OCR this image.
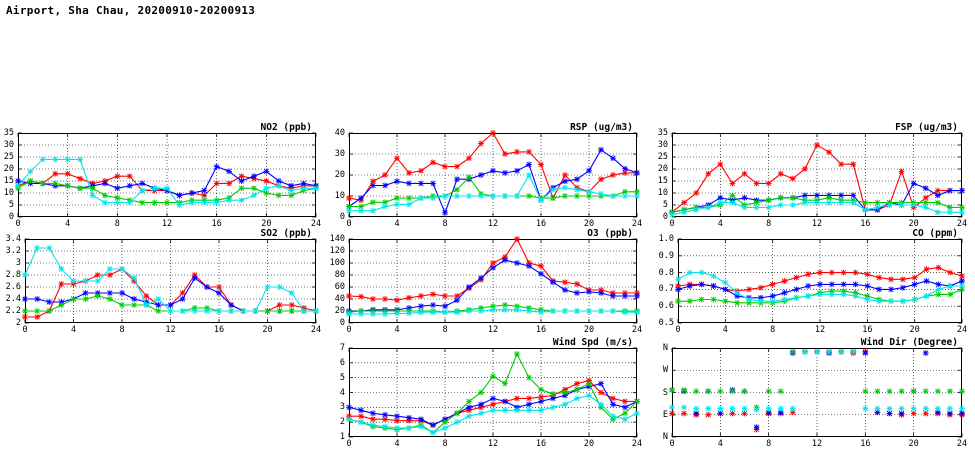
Airport, Sha Chau, 20200910-20200913
NO2 (ppb)
0
5
10
15
20
25
30
35
0	4	8	12	16	20	24
RSP (ug/m3)
0
10
20
30
40
0	4	8	12	16	20	24
FSP (ug/m3)
0
5
10
15
20
25
30
35
0	4	8	12	16	20	24
SO2 (ppb)
2
2.2
2.4
2.6
2.8
3
3.2
3.4
0	4	8	12	16	20	24
O3 (ppb)
0
20
40
60
80
100
120
140
0	4	8	12	16	20	24
CO (ppm)
0.5
0.6
0.7
0.8
0.9
1.0
0	4	8	12	16	20	24
Wind Spd (m/s)
1
2
3
4
5
6
7
0	4	8	12	16	20	24
Wind Dir (Degree)
N
E
S
W
N
0	4	8	12	16	20	24
